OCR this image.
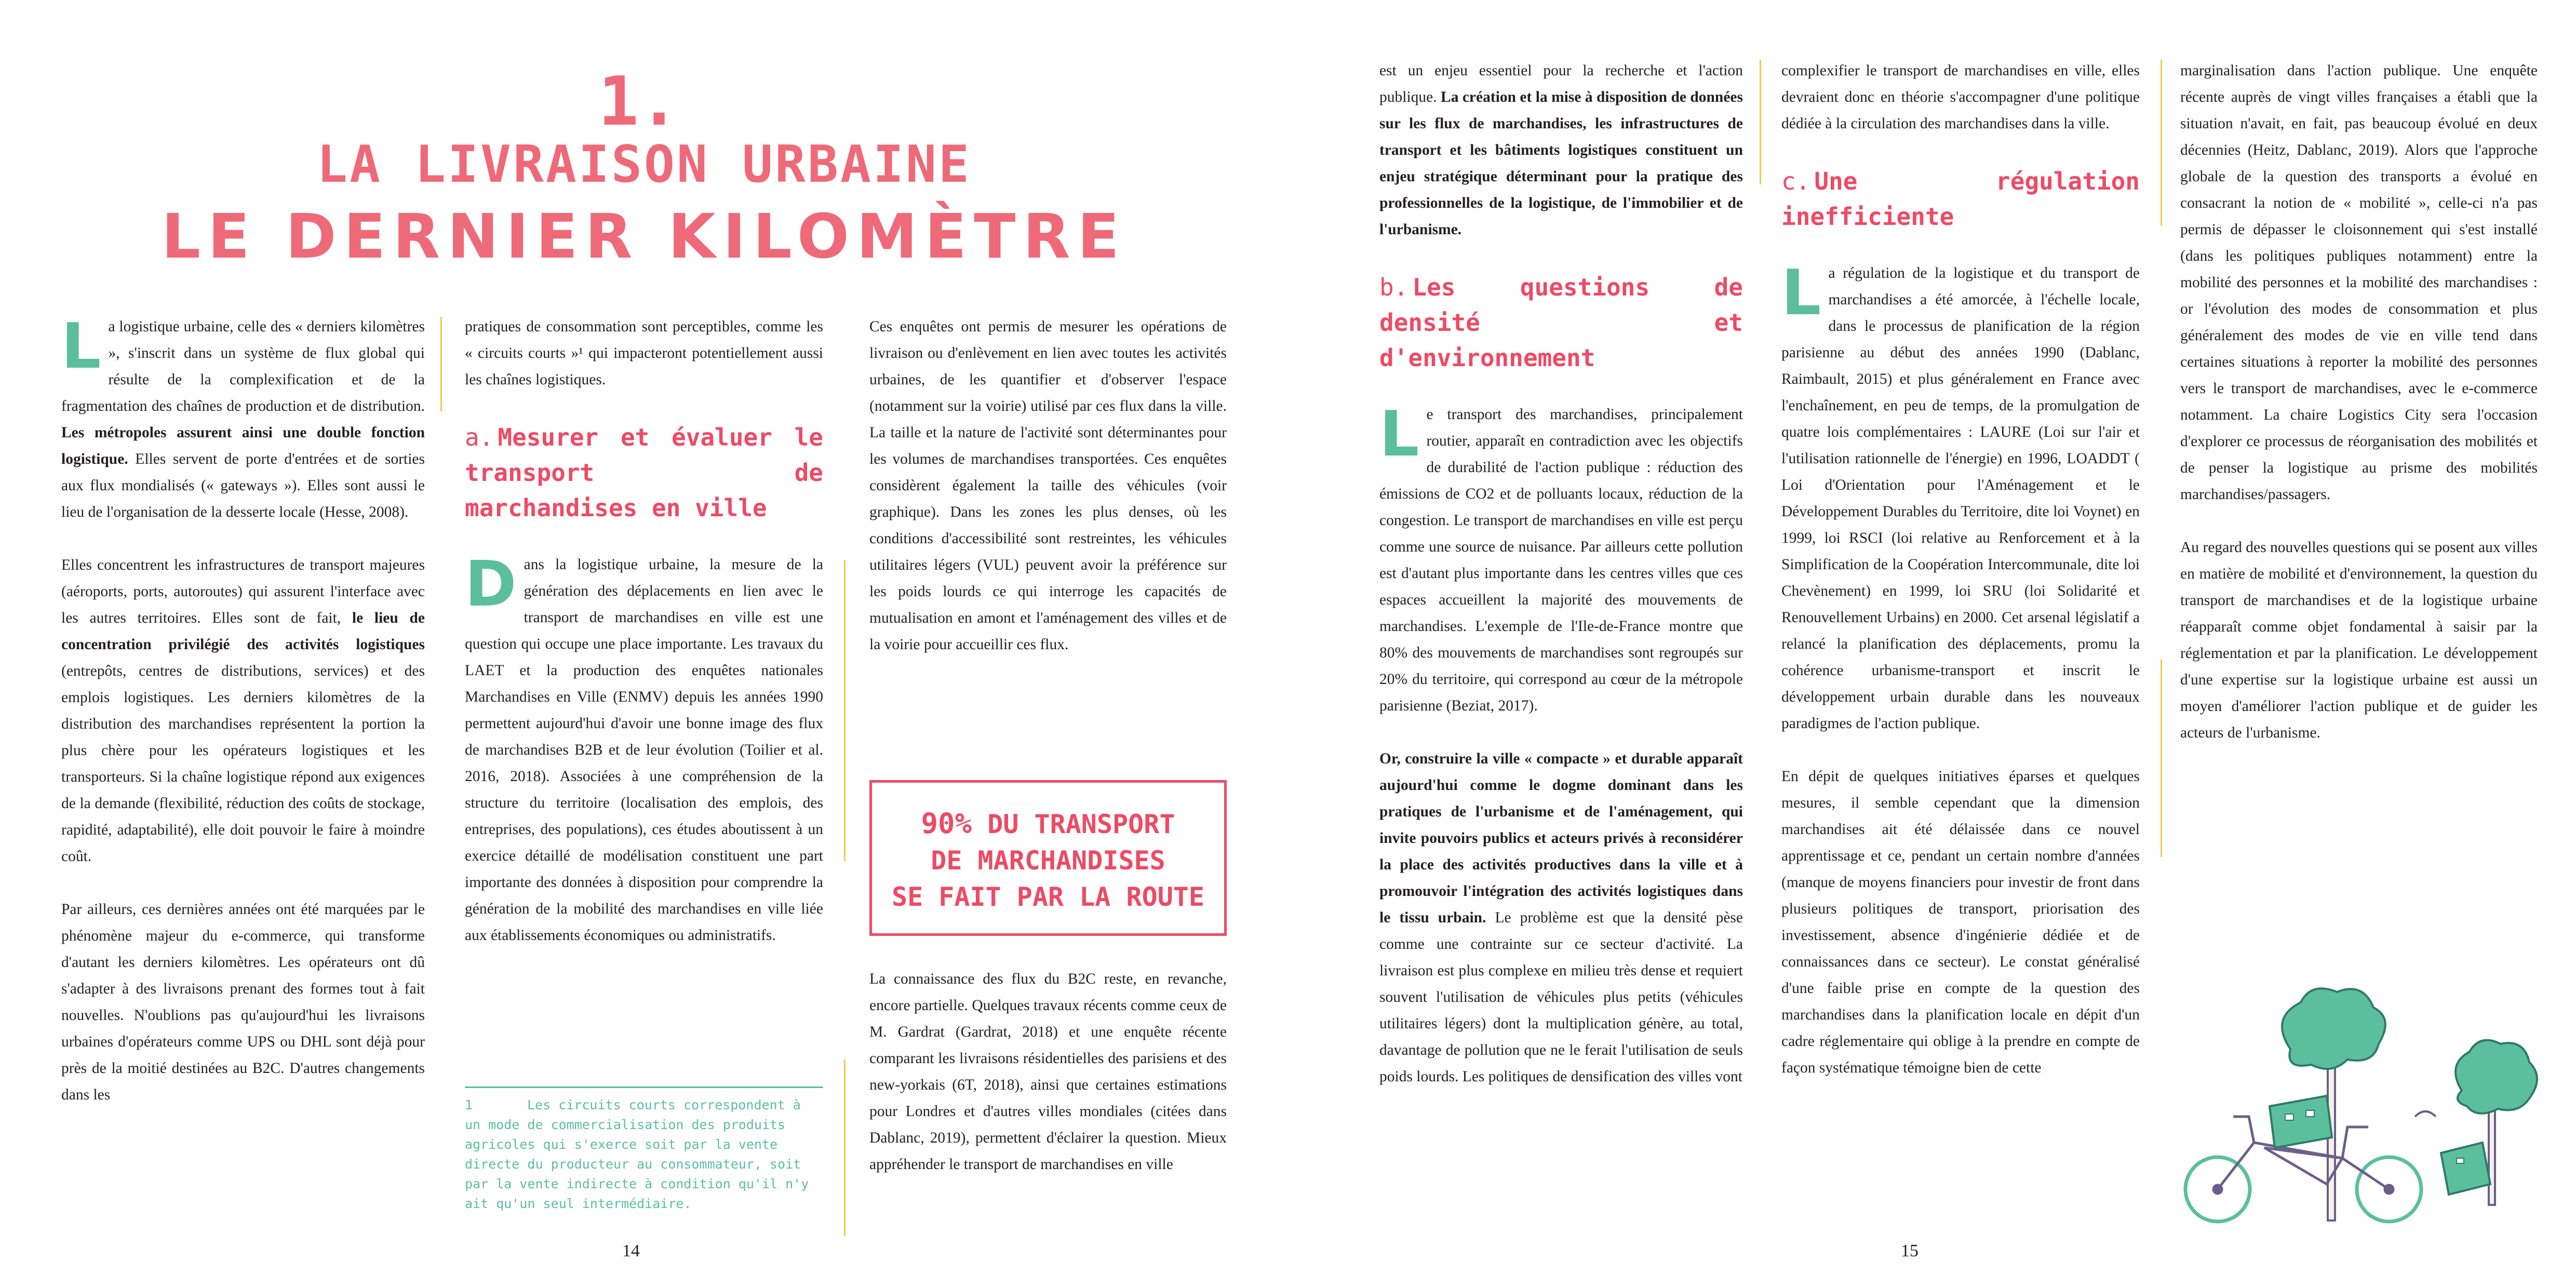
1.
LA LIVRAISON URBAINE
LE DERNIER KILOMÈTRE

La logistique urbaine, celle des « derniers kilomètres », s'inscrit dans un système de flux global qui résulte de la complexification et de la fragmentation des chaînes de production et de distribution. Les métropoles assurent ainsi une double fonction logistique. Elles servent de porte d'entrées et de sorties aux flux mondialisés (« gateways »). Elles sont aussi le lieu de l'organisation de la desserte locale (Hesse, 2008).

Elles concentrent les infrastructures de transport majeures (aéroports, ports, autoroutes) qui assurent l'interface avec les autres territoires. Elles sont de fait, le lieu de concentration privilégié des activités logistiques (entrepôts, centres de distributions, services) et des emplois logistiques. Les derniers kilomètres de la distribution des marchandises représentent la portion la plus chère pour les opérateurs logistiques et les transporteurs. Si la chaîne logistique répond aux exigences de la demande (flexibilité, réduction des coûts de stockage, rapidité, adaptabilité), elle doit pouvoir le faire à moindre coût.

Par ailleurs, ces dernières années ont été marquées par le phénomène majeur du e-commerce, qui transforme d'autant les derniers kilomètres. Les opérateurs ont dû s'adapter à des livraisons prenant des formes tout à fait nouvelles. N'oublions pas qu'aujourd'hui les livraisons urbaines d'opérateurs comme UPS ou DHL sont déjà pour près de la moitié destinées au B2C. D'autres changements dans les

pratiques de consommation sont perceptibles, comme les « circuits courts »¹ qui impacteront potentiellement aussi les chaînes logistiques.

a. Mesurer et évaluer le transport de marchandises en ville

Dans la logistique urbaine, la mesure de la génération des déplacements en lien avec le transport de marchandises en ville est une question qui occupe une place importante. Les travaux du LAET et la production des enquêtes nationales Marchandises en Ville (ENMV) depuis les années 1990 permettent aujourd'hui d'avoir une bonne image des flux de marchandises B2B et de leur évolution (Toilier et al. 2016, 2018). Associées à une compréhension de la structure du territoire (localisation des emplois, des entreprises, des populations), ces études aboutissent à un exercice détaillé de modélisation constituent une part importante des données à disposition pour comprendre la génération de la mobilité des marchandises en ville liée aux établissements économiques ou administratifs.

1	Les circuits courts correspondent à un mode de commercialisation des produits agricoles qui s'exerce soit par la vente directe du producteur au consommateur, soit par la vente indirecte à condition qu'il n'y ait qu'un seul intermédiaire.

Ces enquêtes ont permis de mesurer les opérations de livraison ou d'enlèvement en lien avec toutes les activités urbaines, de les quantifier et d'observer l'espace (notamment sur la voirie) utilisé par ces flux dans la ville. La taille et la nature de l'activité sont déterminantes pour les volumes de marchandises transportées. Ces enquêtes considèrent également la taille des véhicules (voir graphique). Dans les zones les plus denses, où les conditions d'accessibilité sont restreintes, les véhicules utilitaires légers (VUL) peuvent avoir la préférence sur les poids lourds ce qui interroge les capacités de mutualisation en amont et l'aménagement des villes et de la voirie pour accueillir ces flux.

90% DU TRANSPORT
DE MARCHANDISES
SE FAIT PAR LA ROUTE

La connaissance des flux du B2C reste, en revanche, encore partielle. Quelques travaux récents comme ceux de M. Gardrat (Gardrat, 2018) et une enquête récente comparant les livraisons résidentielles des parisiens et des new-yorkais (6T, 2018), ainsi que certaines estimations pour Londres et d'autres villes mondiales (citées dans Dablanc, 2019), permettent d'éclairer la question. Mieux appréhender le transport de marchandises en ville

14

est un enjeu essentiel pour la recherche et l'action publique. La création et la mise à disposition de données sur les flux de marchandises, les infrastructures de transport et les bâtiments logistiques constituent un enjeu stratégique déterminant pour la pratique des professionnelles de la logistique, de l'immobilier et de l'urbanisme.

b. Les questions de densité et d'environnement

Le transport des marchandises, principalement routier, apparaît en contradiction avec les objectifs de durabilité de l'action publique : réduction des émissions de CO2 et de polluants locaux, réduction de la congestion. Le transport de marchandises en ville est perçu comme une source de nuisance. Par ailleurs cette pollution est d'autant plus importante dans les centres villes que ces espaces accueillent la majorité des mouvements de marchandises. L'exemple de l'Ile-de-France montre que 80% des mouvements de marchandises sont regroupés sur 20% du territoire, qui correspond au cœur de la métropole parisienne (Beziat, 2017).

Or, construire la ville « compacte » et durable apparaît aujourd'hui comme le dogme dominant dans les pratiques de l'urbanisme et de l'aménagement, qui invite pouvoirs publics et acteurs privés à reconsidérer la place des activités productives dans la ville et à promouvoir l'intégration des activités logistiques dans le tissu urbain. Le problème est que la densité pèse comme une contrainte sur ce secteur d'activité. La livraison est plus complexe en milieu très dense et requiert souvent l'utilisation de véhicules plus petits (véhicules utilitaires légers) dont la multiplication génère, au total, davantage de pollution que ne le ferait l'utilisation de seuls poids lourds. Les politiques de densification des villes vont

complexifier le transport de marchandises en ville, elles devraient donc en théorie s'accompagner d'une politique dédiée à la circulation des marchandises dans la ville.

c. Une régulation inefficiente

La régulation de la logistique et du transport de marchandises a été amorcée, à l'échelle locale, dans le processus de planification de la région parisienne au début des années 1990 (Dablanc, Raimbault, 2015) et plus généralement en France avec l'enchaînement, en peu de temps, de la promulgation de quatre lois complémentaires : LAURE (Loi sur l'air et l'utilisation rationnelle de l'énergie) en 1996, LOADDT ( Loi d'Orientation pour l'Aménagement et le Développement Durables du Territoire, dite loi Voynet) en 1999, loi RSCI (loi relative au Renforcement et à la Simplification de la Coopération Intercommunale, dite loi Chevènement) en 1999, loi SRU (loi Solidarité et Renouvellement Urbains) en 2000. Cet arsenal législatif a relancé la planification des déplacements, promu la cohérence urbanisme-transport et inscrit le développement urbain durable dans les nouveaux paradigmes de l'action publique.

En dépit de quelques initiatives éparses et quelques mesures, il semble cependant que la dimension marchandises ait été délaissée dans ce nouvel apprentissage et ce, pendant un certain nombre d'années (manque de moyens financiers pour investir de front dans plusieurs politiques de transport, priorisation des investissement, absence d'ingénierie dédiée et de connaissances dans ce secteur). Le constat généralisé d'une faible prise en compte de la question des marchandises dans la planification locale en dépit d'un cadre réglementaire qui oblige à la prendre en compte de façon systématique témoigne bien de cette

marginalisation dans l'action publique. Une enquête récente auprès de vingt villes françaises a établi que la situation n'avait, en fait, pas beaucoup évolué en deux décennies (Heitz, Dablanc, 2019). Alors que l'approche globale de la question des transports a évolué en consacrant la notion de « mobilité », celle-ci n'a pas permis de dépasser le cloisonnement qui s'est installé (dans les politiques publiques notamment) entre la mobilité des personnes et la mobilité des marchandises : or l'évolution des modes de consommation et plus généralement des modes de vie en ville tend dans certaines situations à reporter la mobilité des personnes vers le transport de marchandises, avec le e-commerce notamment. La chaire Logistics City sera l'occasion d'explorer ce processus de réorganisation des mobilités et de penser la logistique au prisme des mobilités marchandises/passagers.

Au regard des nouvelles questions qui se posent aux villes en matière de mobilité et d'environnement, la question du transport de marchandises et de la logistique urbaine réapparaît comme objet fondamental à saisir par la réglementation et par la planification. Le développement d'une expertise sur la logistique urbaine est aussi un moyen d'améliorer l'action publique et de guider les acteurs de l'urbanisme.

15
